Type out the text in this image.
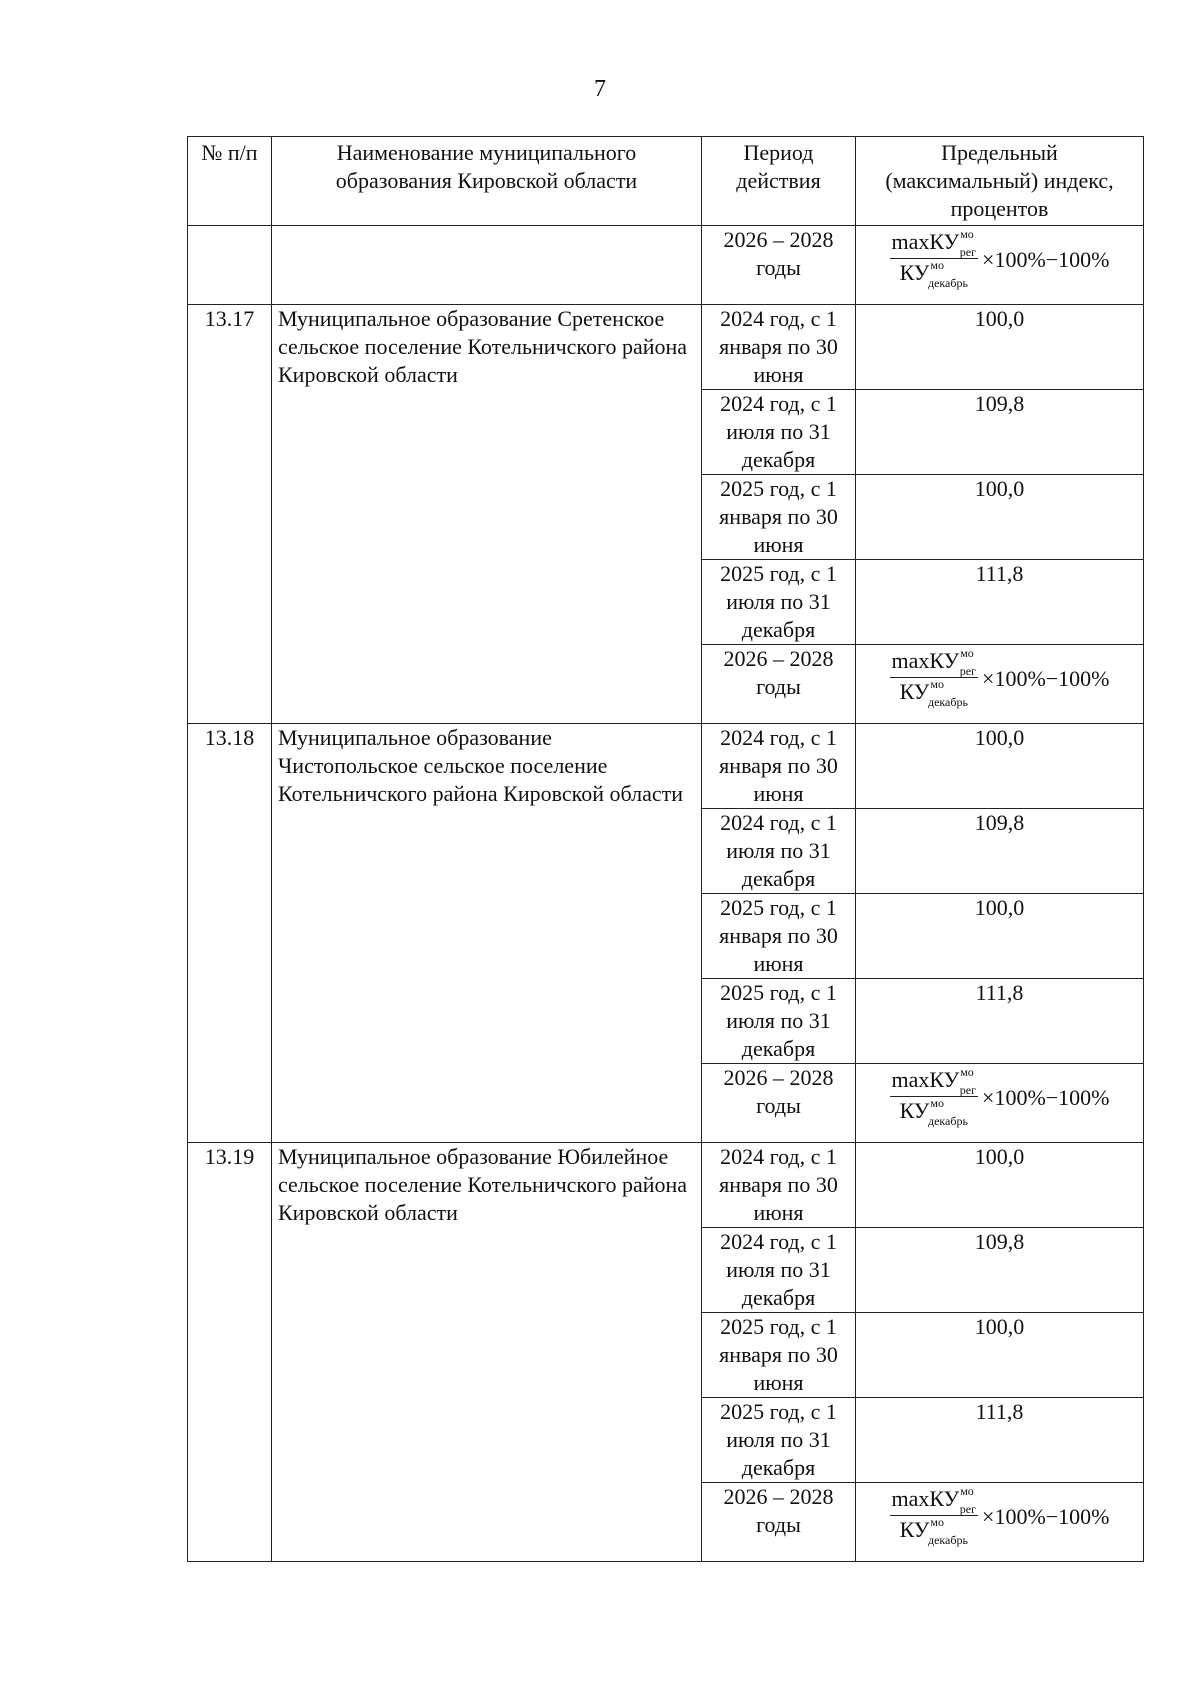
7
№ п/п	Наименование муниципального образования Кировской области	Период действия	Предельный (максимальный) индекс, процентов
		2026 – 2028 годы	$\frac{\max КУ^{мо}_{рег}}{КУ^{мо}_{декабрь}} \times 100\%-100\%$

13.17	Муниципальное образование Сретенское сельское поселение Котельничского района Кировской области	2024 год, с 1 января по 30 июня	100,0
		2024 год, с 1 июля по 31 декабря	109,8
		2025 год, с 1 января по 30 июня	100,0
		2025 год, с 1 июля по 31 декабря	111,8
		2026 – 2028 годы	$\frac{\max КУ^{мо}_{рег}}{КУ^{мо}_{декабрь}} \times 100\%-100\%$

13.18	Муниципальное образование Чистопольское сельское поселение Котельничского района Кировской области	2024 год, с 1 января по 30 июня	100,0
		2024 год, с 1 июля по 31 декабря	109,8
		2025 год, с 1 января по 30 июня	100,0
		2025 год, с 1 июля по 31 декабря	111,8
		2026 – 2028 годы	$\frac{\max КУ^{мо}_{рег}}{КУ^{мо}_{декабрь}} \times 100\%-100\%$

13.19	Муниципальное образование Юбилейное сельское поселение Котельничского района Кировской области	2024 год, с 1 января по 30 июня	100,0
		2024 год, с 1 июля по 31 декабря	109,8
		2025 год, с 1 января по 30 июня	100,0
		2025 год, с 1 июля по 31 декабря	111,8
		2026 – 2028 годы	$\frac{\max КУ^{мо}_{рег}}{КУ^{мо}_{декабрь}} \times 100\%-100\%$
